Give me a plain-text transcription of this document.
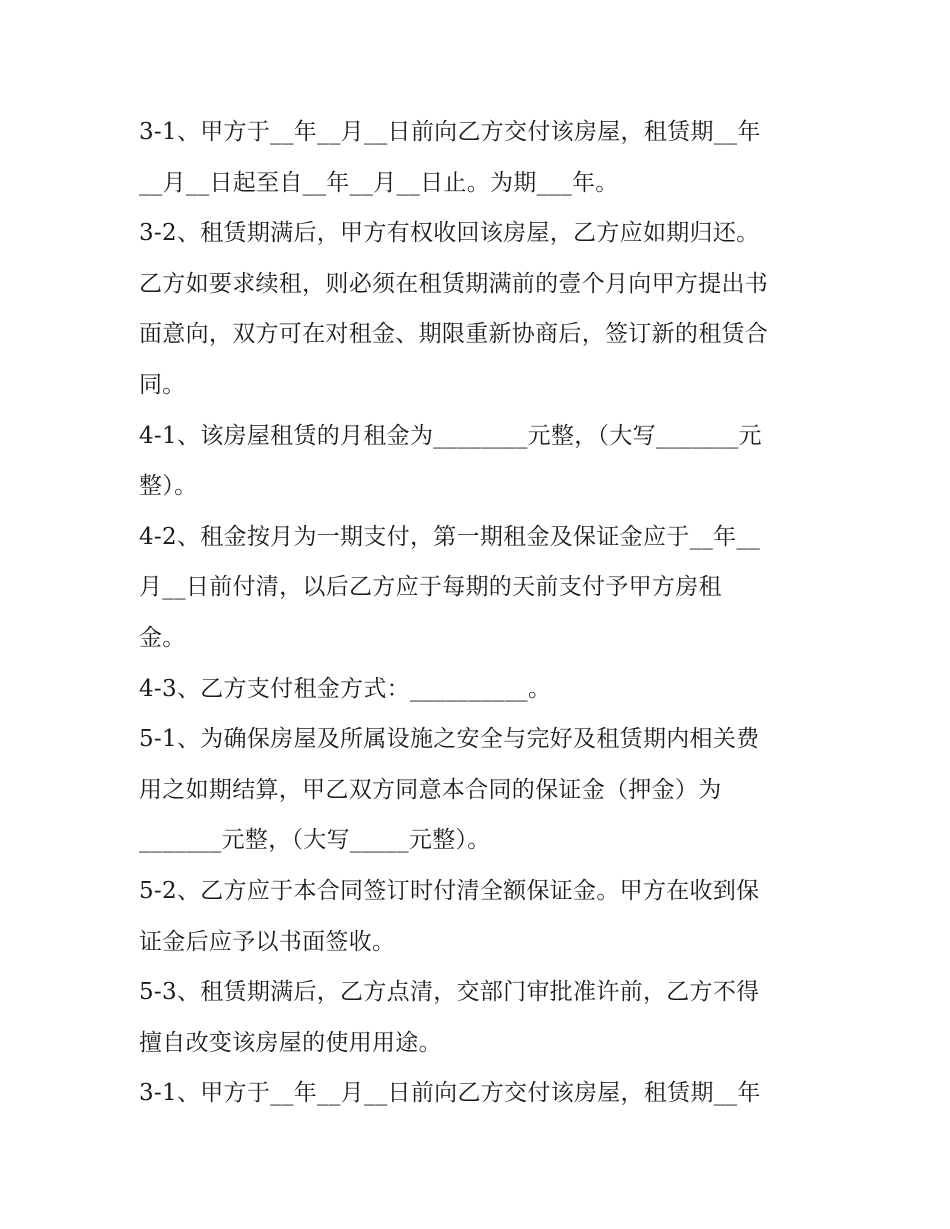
3-1、甲方于__年__月__日前向乙方交付该房屋，租赁期__年
__月__日起至自__年__月__日止。为期___年。
3-2、租赁期满后，甲方有权收回该房屋，乙方应如期归还。
乙方如要求续租，则必须在租赁期满前的壹个月向甲方提出书
面意向，双方可在对租金、期限重新协商后，签订新的租赁合
同。
4-1、该房屋租赁的月租金为________元整，（大写_______元
整）。
4-2、租金按月为一期支付，第一期租金及保证金应于__年__
月__日前付清，以后乙方应于每期的天前支付予甲方房租
金。
4-3、乙方支付租金方式：__________。
5-1、为确保房屋及所属设施之安全与完好及租赁期内相关费
用之如期结算，甲乙双方同意本合同的保证金（押金）为
_______元整，（大写_____元整）。
5-2、乙方应于本合同签订时付清全额保证金。甲方在收到保
证金后应予以书面签收。
5-3、租赁期满后，乙方点清，交部门审批准许前，乙方不得
擅自改变该房屋的使用用途。
3-1、甲方于__年__月__日前向乙方交付该房屋，租赁期__年
